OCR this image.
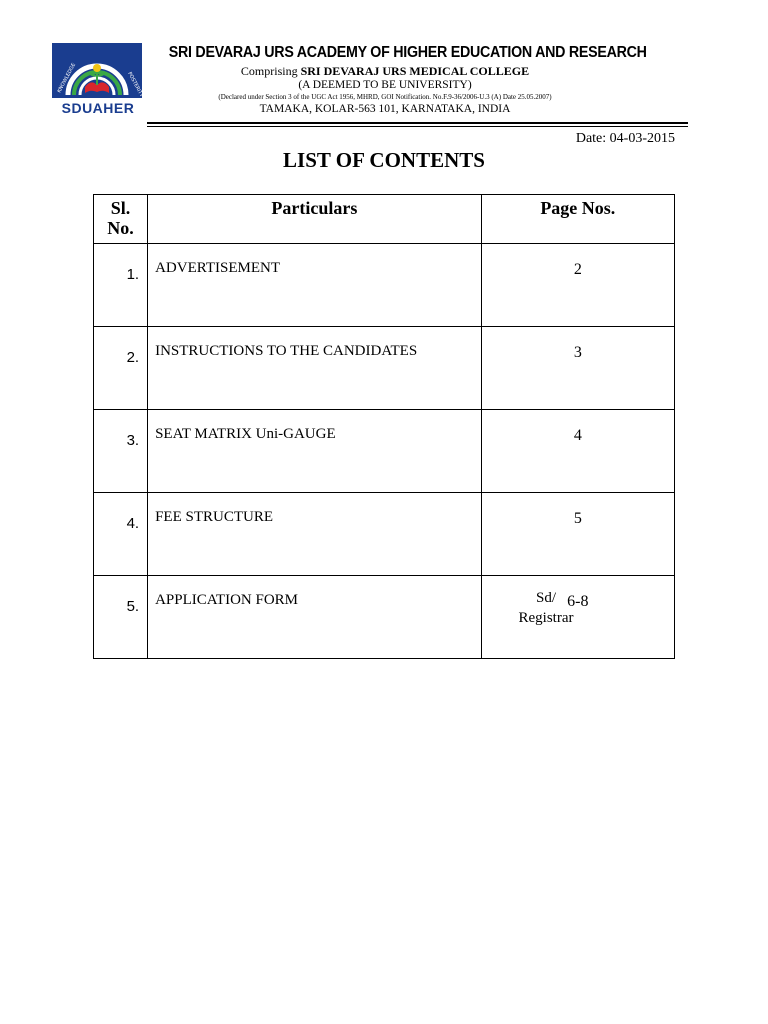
KNOWLEDGE	POSTERITY
SDUAHER
SRI DEVARAJ URS ACADEMY OF HIGHER EDUCATION AND RESEARCH
Comprising SRI DEVARAJ URS MEDICAL COLLEGE
(A DEEMED TO BE UNIVERSITY)
(Declared under Section 3 of the UGC Act 1956, MHRD, GOI Notification. No.F.9-36/2006-U.3 (A) Date 25.05.2007)
TAMAKA, KOLAR-563 101, KARNATAKA, INDIA
Date: 04-03-2015
LIST OF CONTENTS
Sl.
No.	Particulars	Page Nos.
1.	ADVERTISEMENT	2
2.	INSTRUCTIONS TO THE CANDIDATES	3
3.	SEAT MATRIX Uni-GAUGE	4
4.	FEE STRUCTURE	5
5.	APPLICATION FORM	6-8
Sd/
Registrar
